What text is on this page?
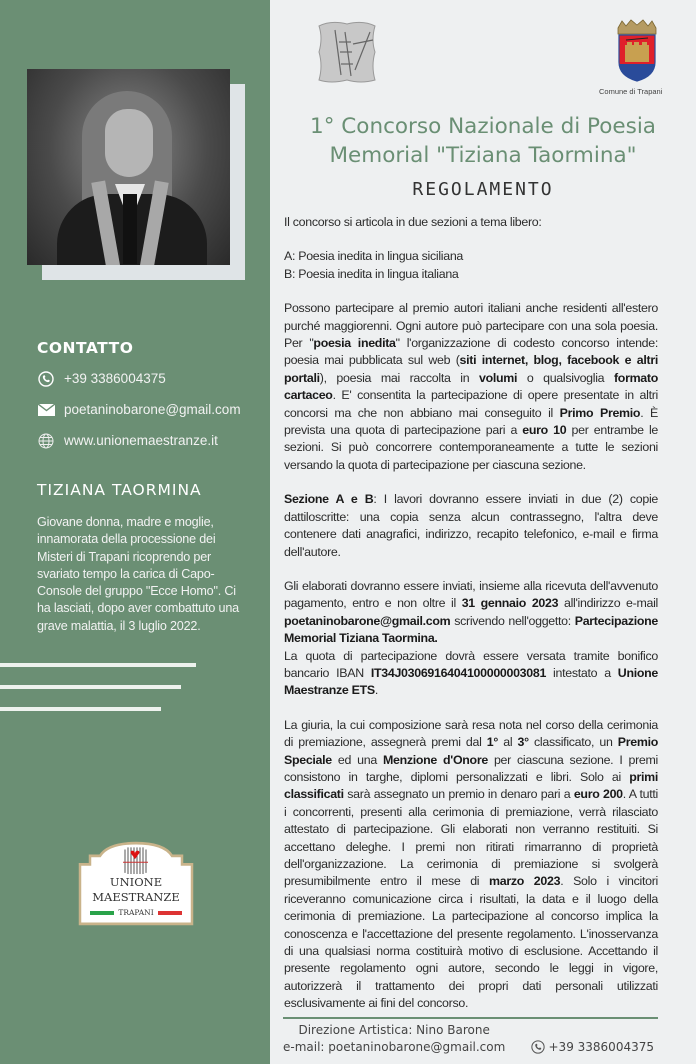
CONTATTO
+39 3386004375
poetaninobarone@gmail.com
www.unionemaestranze.it
TIZIANA TAORMINA
Giovane donna, madre e moglie, innamorata della processione dei Misteri di Trapani ricoprendo per svariato tempo la carica di Capo-Console del gruppo "Ecce Homo". Ci ha lasciati, dopo aver combattuto una grave malattia, il 3 luglio 2022.
UNIONE
MAESTRANZE
TRAPANI
Comune di Trapani
1° Concorso Nazionale di Poesia
Memorial "Tiziana Taormina"
REGOLAMENTO
Il concorso si articola in due sezioni a tema libero:
A: Poesia inedita in lingua siciliana
B: Poesia inedita in lingua italiana
Possono partecipare al premio autori italiani anche residenti all'estero purché maggiorenni. Ogni autore può partecipare con una sola poesia. Per "poesia inedita" l'organizzazione di codesto concorso intende: poesia mai pubblicata sul web (siti internet, blog, facebook e altri portali), poesia mai raccolta in volumi o qualsivoglia formato cartaceo. E' consentita la partecipazione di opere presentate in altri concorsi ma che non abbiano mai conseguito il Primo Premio. È prevista una quota di partecipazione pari a euro 10 per entrambe le sezioni. Si può concorrere contemporaneamente a tutte le sezioni versando la quota di partecipazione per ciascuna sezione.
Sezione A e B: I lavori dovranno essere inviati in due (2) copie dattiloscritte: una copia senza alcun contrassegno, l'altra deve contenere dati anagrafici, indirizzo, recapito telefonico, e-mail e firma dell'autore.
Gli elaborati dovranno essere inviati, insieme alla ricevuta dell'avvenuto pagamento, entro e non oltre il 31 gennaio 2023 all'indirizzo e-mail poetaninobarone@gmail.com scrivendo nell'oggetto: Partecipazione Memorial Tiziana Taormina.
La quota di partecipazione dovrà essere versata tramite bonifico bancario IBAN IT34J0306916404100000003081 intestato a Unione Maestranze ETS.
La giuria, la cui composizione sarà resa nota nel corso della cerimonia di premiazione, assegnerà premi dal 1° al 3° classificato, un Premio Speciale ed una Menzione d'Onore per ciascuna sezione. I premi consistono in targhe, diplomi personalizzati e libri. Solo ai primi classificati sarà assegnato un premio in denaro pari a euro 200. A tutti i concorrenti, presenti alla cerimonia di premiazione, verrà rilasciato attestato di partecipazione. Gli elaborati non verranno restituiti. Si accettano deleghe. I premi non ritirati rimarranno di proprietà dell'organizzazione. La cerimonia di premiazione si svolgerà presumibilmente entro il mese di marzo 2023. Solo i vincitori riceveranno comunicazione circa i risultati, la data e il luogo della cerimonia di premiazione. La partecipazione al concorso implica la conoscenza e l'accettazione del presente regolamento. L'inosservanza di una qualsiasi norma costituirà motivo di esclusione. Accettando il presente regolamento ogni autore, secondo le leggi in vigore, autorizzerà il trattamento dei propri dati personali utilizzati esclusivamente ai fini del concorso.
Direzione Artistica: Nino Barone
e-mail: poetaninobarone@gmail.com	+39 3386004375
